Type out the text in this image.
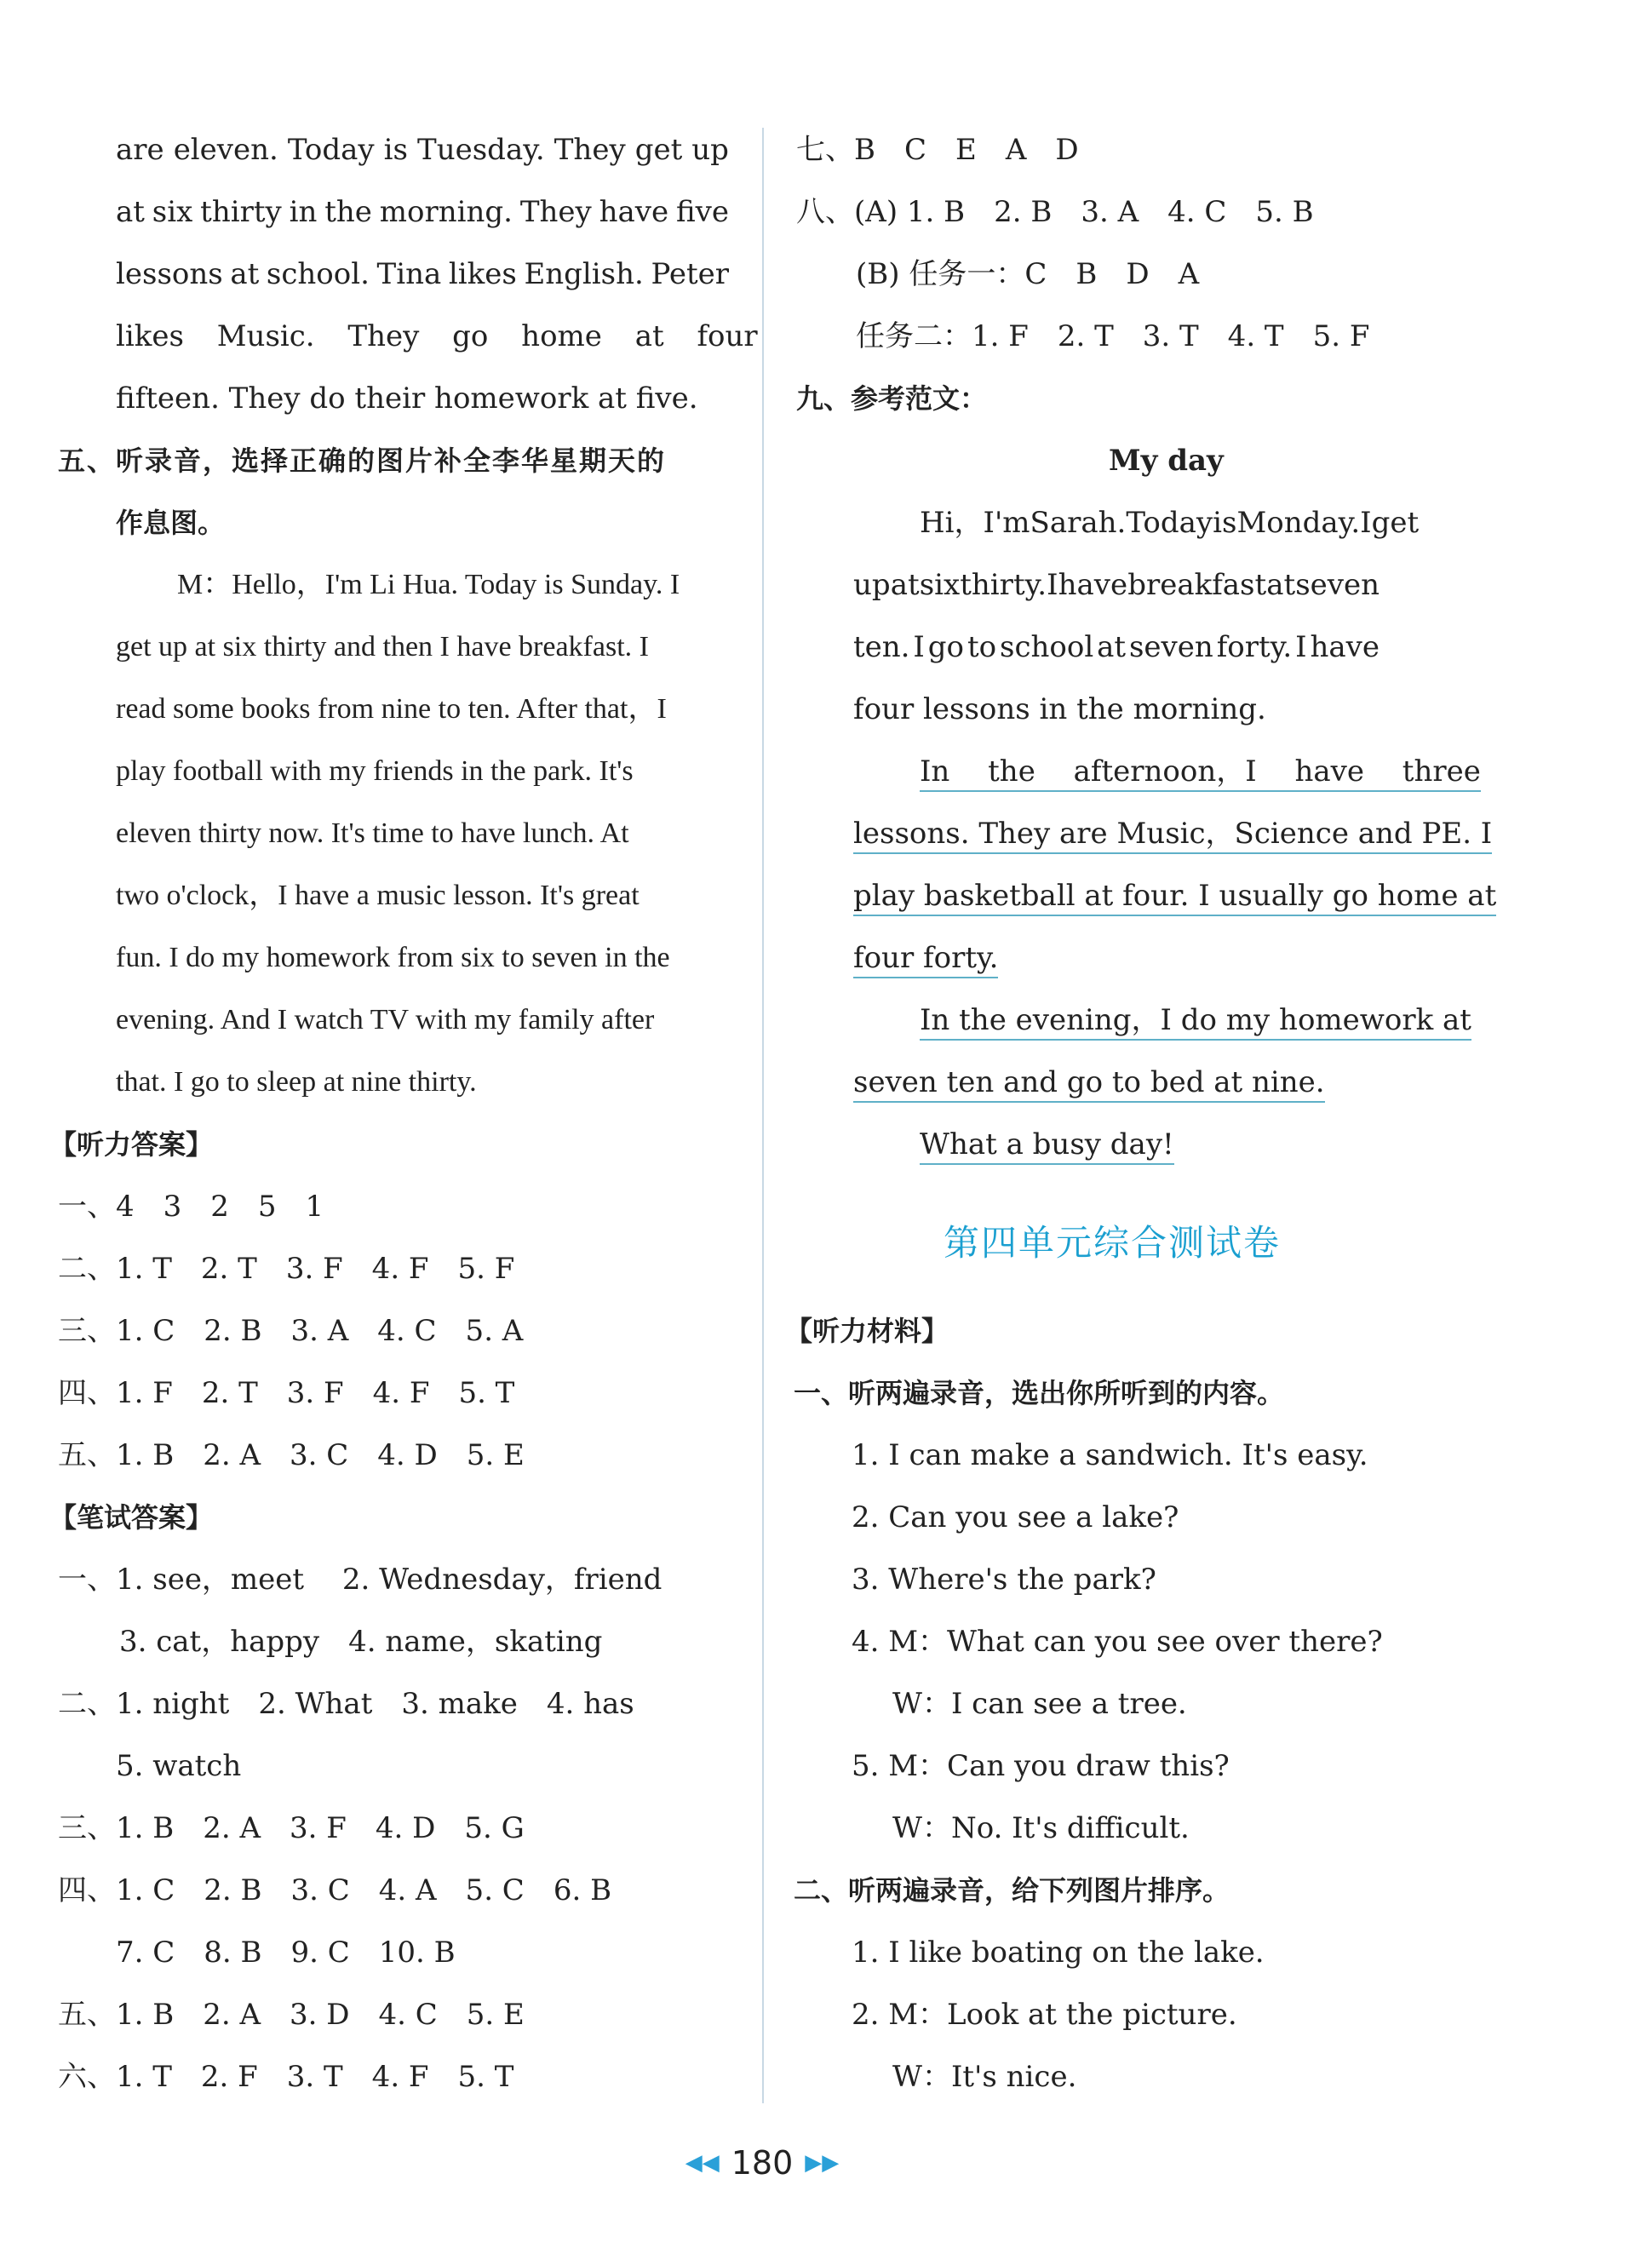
are eleven. Today is Tuesday. They get up
at six thirty in the morning. They have five
lessons at school. Tina likes English. Peter
likes Music. They go home at four
fifteen. They do their homework at five.
五、听录音，选择正确的图片补全李华星期天的
作息图。
M：Hello，I'm Li Hua. Today is Sunday. I
get up at six thirty and then I have breakfast. I
read some books from nine to ten. After that，I
play football with my friends in the park. It's
eleven thirty now. It's time to have lunch. At
two o'clock，I have a music lesson. It's great
fun. I do my homework from six to seven in the
evening. And I watch TV with my family after
that. I go to sleep at nine thirty.
【听力答案】
一、4　3　2　5　1
二、1. T　2. T　3. F　4. F　5. F
三、1. C　2. B　3. A　4. C　5. A
四、1. F　2. T　3. F　4. F　5. T
五、1. B　2. A　3. C　4. D　5. E
【笔试答案】
一、1. see，meet　 2. Wednesday，friend
3. cat，happy　4. name，skating
二、1. night　2. What　3. make　4. has
5. watch
三、1. B　2. A　3. F　4. D　5. G
四、1. C　2. B　3. C　4. A　5. C　6. B
7. C　8. B　9. C　10. B
五、1. B　2. A　3. D　4. C　5. E
六、1. T　2. F　3. T　4. F　5. T
七、B　C　E　A　D
八、(A) 1. B　2. B　3. A　4. C　5. B
(B) 任务一：C　B　D　A
任务二：1. F　2. T　3. T　4. T　5. F
九、参考范文：
My day
Hi，I'm Sarah. Today is Monday. I get
up at six thirty. I have breakfast at seven
ten. I go to school at seven forty. I have
four lessons in the morning.
In the afternoon，I have three
lessons. They are Music，Science and PE. I
play basketball at four. I usually go home at
four forty.
In the evening，I do my homework at
seven ten and go to bed at nine.
What a busy day!
第四单元综合测试卷
【听力材料】
一、听两遍录音，选出你所听到的内容。
1. I can make a sandwich. It's easy.
2. Can you see a lake?
3. Where's the park?
4. M：What can you see over there?
W：I can see a tree.
5. M：Can you draw this?
W：No. It's difficult.
二、听两遍录音，给下列图片排序。
1. I like boating on the lake.
2. M：Look at the picture.
W：It's nice.
◀◀ 180 ▶▶
